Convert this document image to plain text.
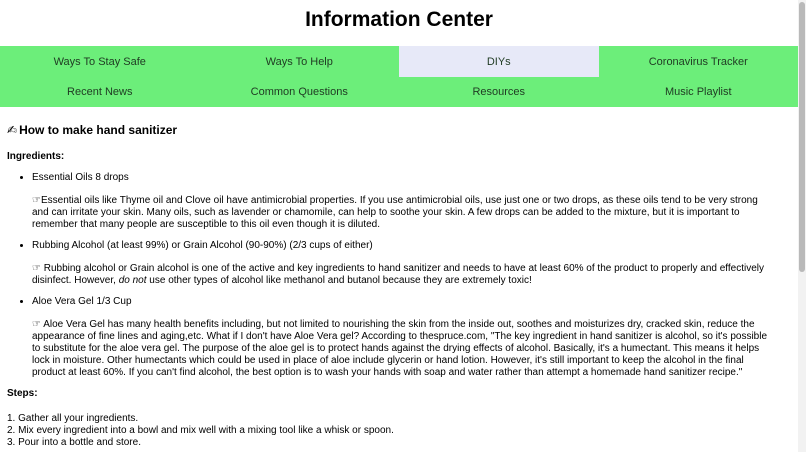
Information Center
Ways To Stay Safe	Ways To Help	DIYs	Coronavirus Tracker
Recent News	Common Questions	Resources	Music Playlist
✍ How to make hand sanitizer
Ingredients:
• Essential Oils 8 drops
☞Essential oils like Thyme oil and Clove oil have antimicrobial properties. If you use antimicrobial oils, use just one or two drops, as these oils tend to be very strong and can irritate your skin. Many oils, such as lavender or chamomile, can help to soothe your skin. A few drops can be added to the mixture, but it is important to remember that many people are susceptible to this oil even though it is diluted.
• Rubbing Alcohol (at least 99%) or Grain Alcohol (90-90%) (2/3 cups of either)
☞ Rubbing alcohol or Grain alcohol is one of the active and key ingredients to hand sanitizer and needs to have at least 60% of the product to properly and effectively disinfect. However, do not use other types of alcohol like methanol and butanol because they are extremely toxic!
• Aloe Vera Gel 1/3 Cup
☞ Aloe Vera Gel has many health benefits including, but not limited to nourishing the skin from the inside out, soothes and moisturizes dry, cracked skin, reduce the appearance of fine lines and aging,etc. What if I don't have Aloe Vera gel? According to thespruce.com, "The key ingredient in hand sanitizer is alcohol, so it's possible to substitute for the aloe vera gel. The purpose of the aloe gel is to protect hands against the drying effects of alcohol. Basically, it's a humectant. This means it helps lock in moisture. Other humectants which could be used in place of aloe include glycerin or hand lotion. However, it's still important to keep the alcohol in the final product at least 60%. If you can't find alcohol, the best option is to wash your hands with soap and water rather than attempt a homemade hand sanitizer recipe."
Steps:
1. Gather all your ingredients.
2. Mix every ingredient into a bowl and mix well with a mixing tool like a whisk or spoon.
3. Pour into a bottle and store.
